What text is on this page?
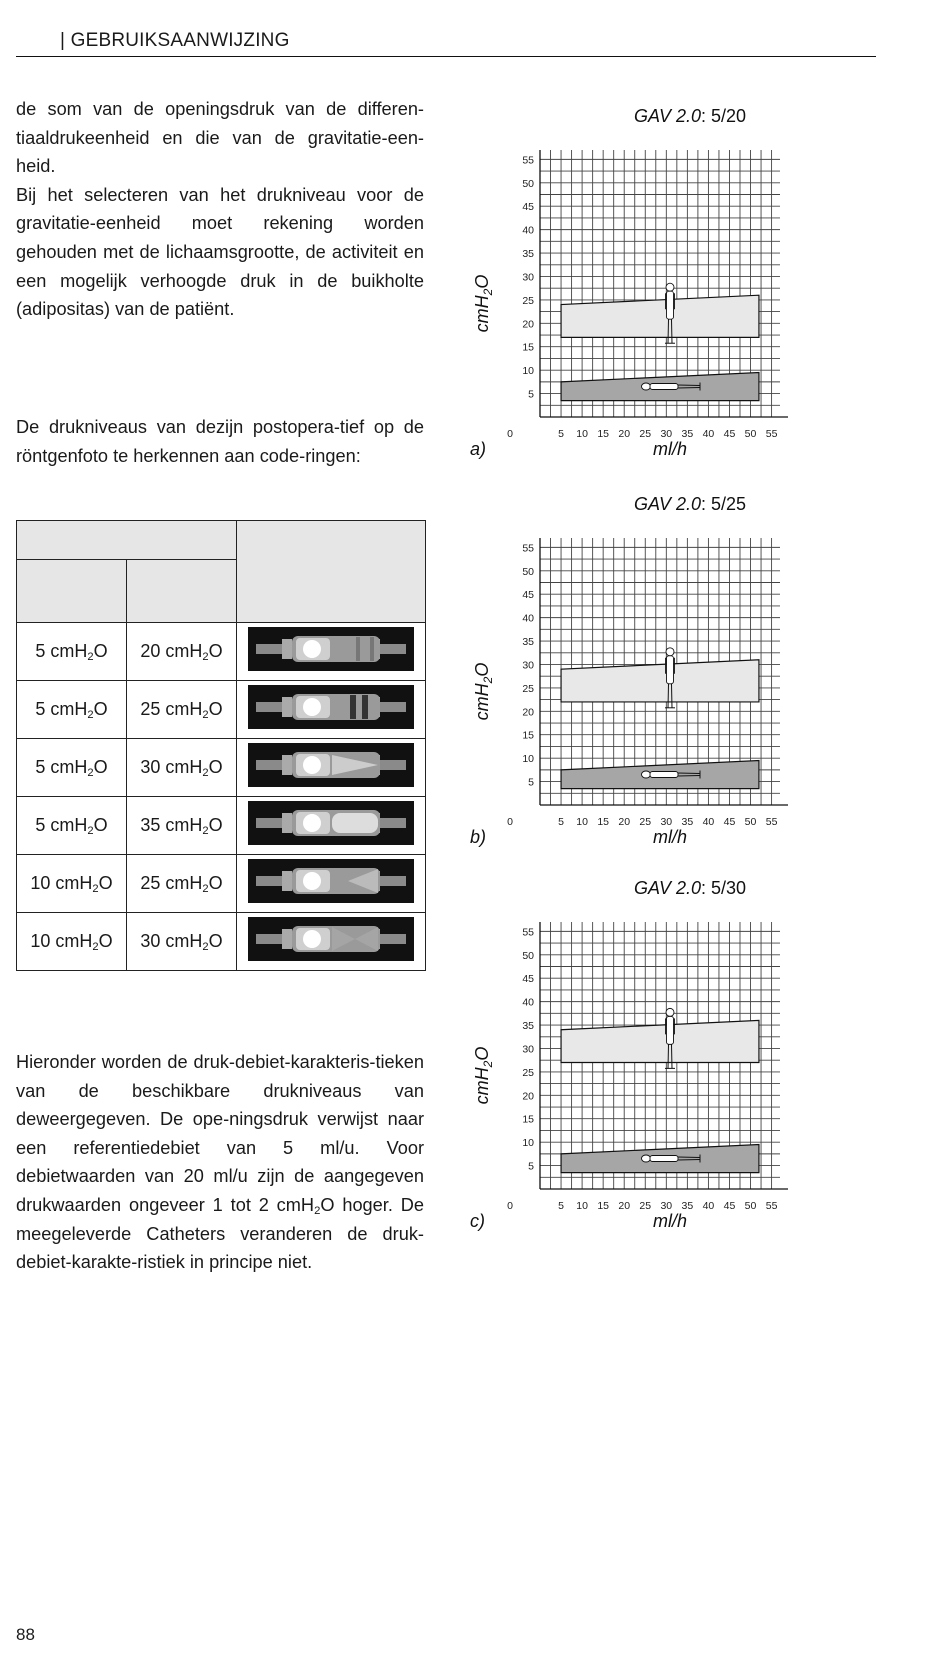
| GEBRUIKSAANWIJZING

de som van de openingsdruk van de differen-tiaaldrukeenheid en die van de gravitatie-een-heid.
Bij het selecteren van het drukniveau voor de gravitatie-eenheid moet rekening worden gehouden met de lichaamsgrootte, de activiteit en een mogelijk verhoogde druk in de buikholte (adipositas) van de patiënt.

De drukniveaus van dezijn postopera-tief op de röntgenfoto te herkennen aan code-ringen:

5 cmH$_2$O	20 cmH$_2$O	
5 cmH$_2$O	25 cmH$_2$O	
5 cmH$_2$O	30 cmH$_2$O	
5 cmH$_2$O	35 cmH$_2$O	
10 cmH$_2$O	25 cmH$_2$O	
10 cmH$_2$O	30 cmH$_2$O	

Hieronder worden de druk-debiet-karakteris-tieken van de beschikbare drukniveaus van deweergegeven. De ope-ningsdruk verwijst naar een referentiedebiet van 5 ml/u. Voor debietwaarden van 20 ml/u zijn de aangegeven drukwaarden ongeveer 1 tot 2 cmH$_2$O hoger. De meegeleverde Catheters veranderen de druk-debiet-karakte-ristiek in principe niet.

GAV 2.0: 5/20
5
10
15
20
25
30
35
40
45
50
55
0	5 10 15 20 25 30 35 40 45 50 55
ml/h
cmH$_2$O
a)
GAV 2.0: 5/25
5
10
15
20
25
30
35
40
45
50
55
0	5 10 15 20 25 30 35 40 45 50 55
ml/h
cmH$_2$O
b)
GAV 2.0: 5/30
5
10
15
20
25
30
35
40
45
50
55
0	5 10 15 20 25 30 35 40 45 50 55
ml/h
cmH$_2$O
c)
88
